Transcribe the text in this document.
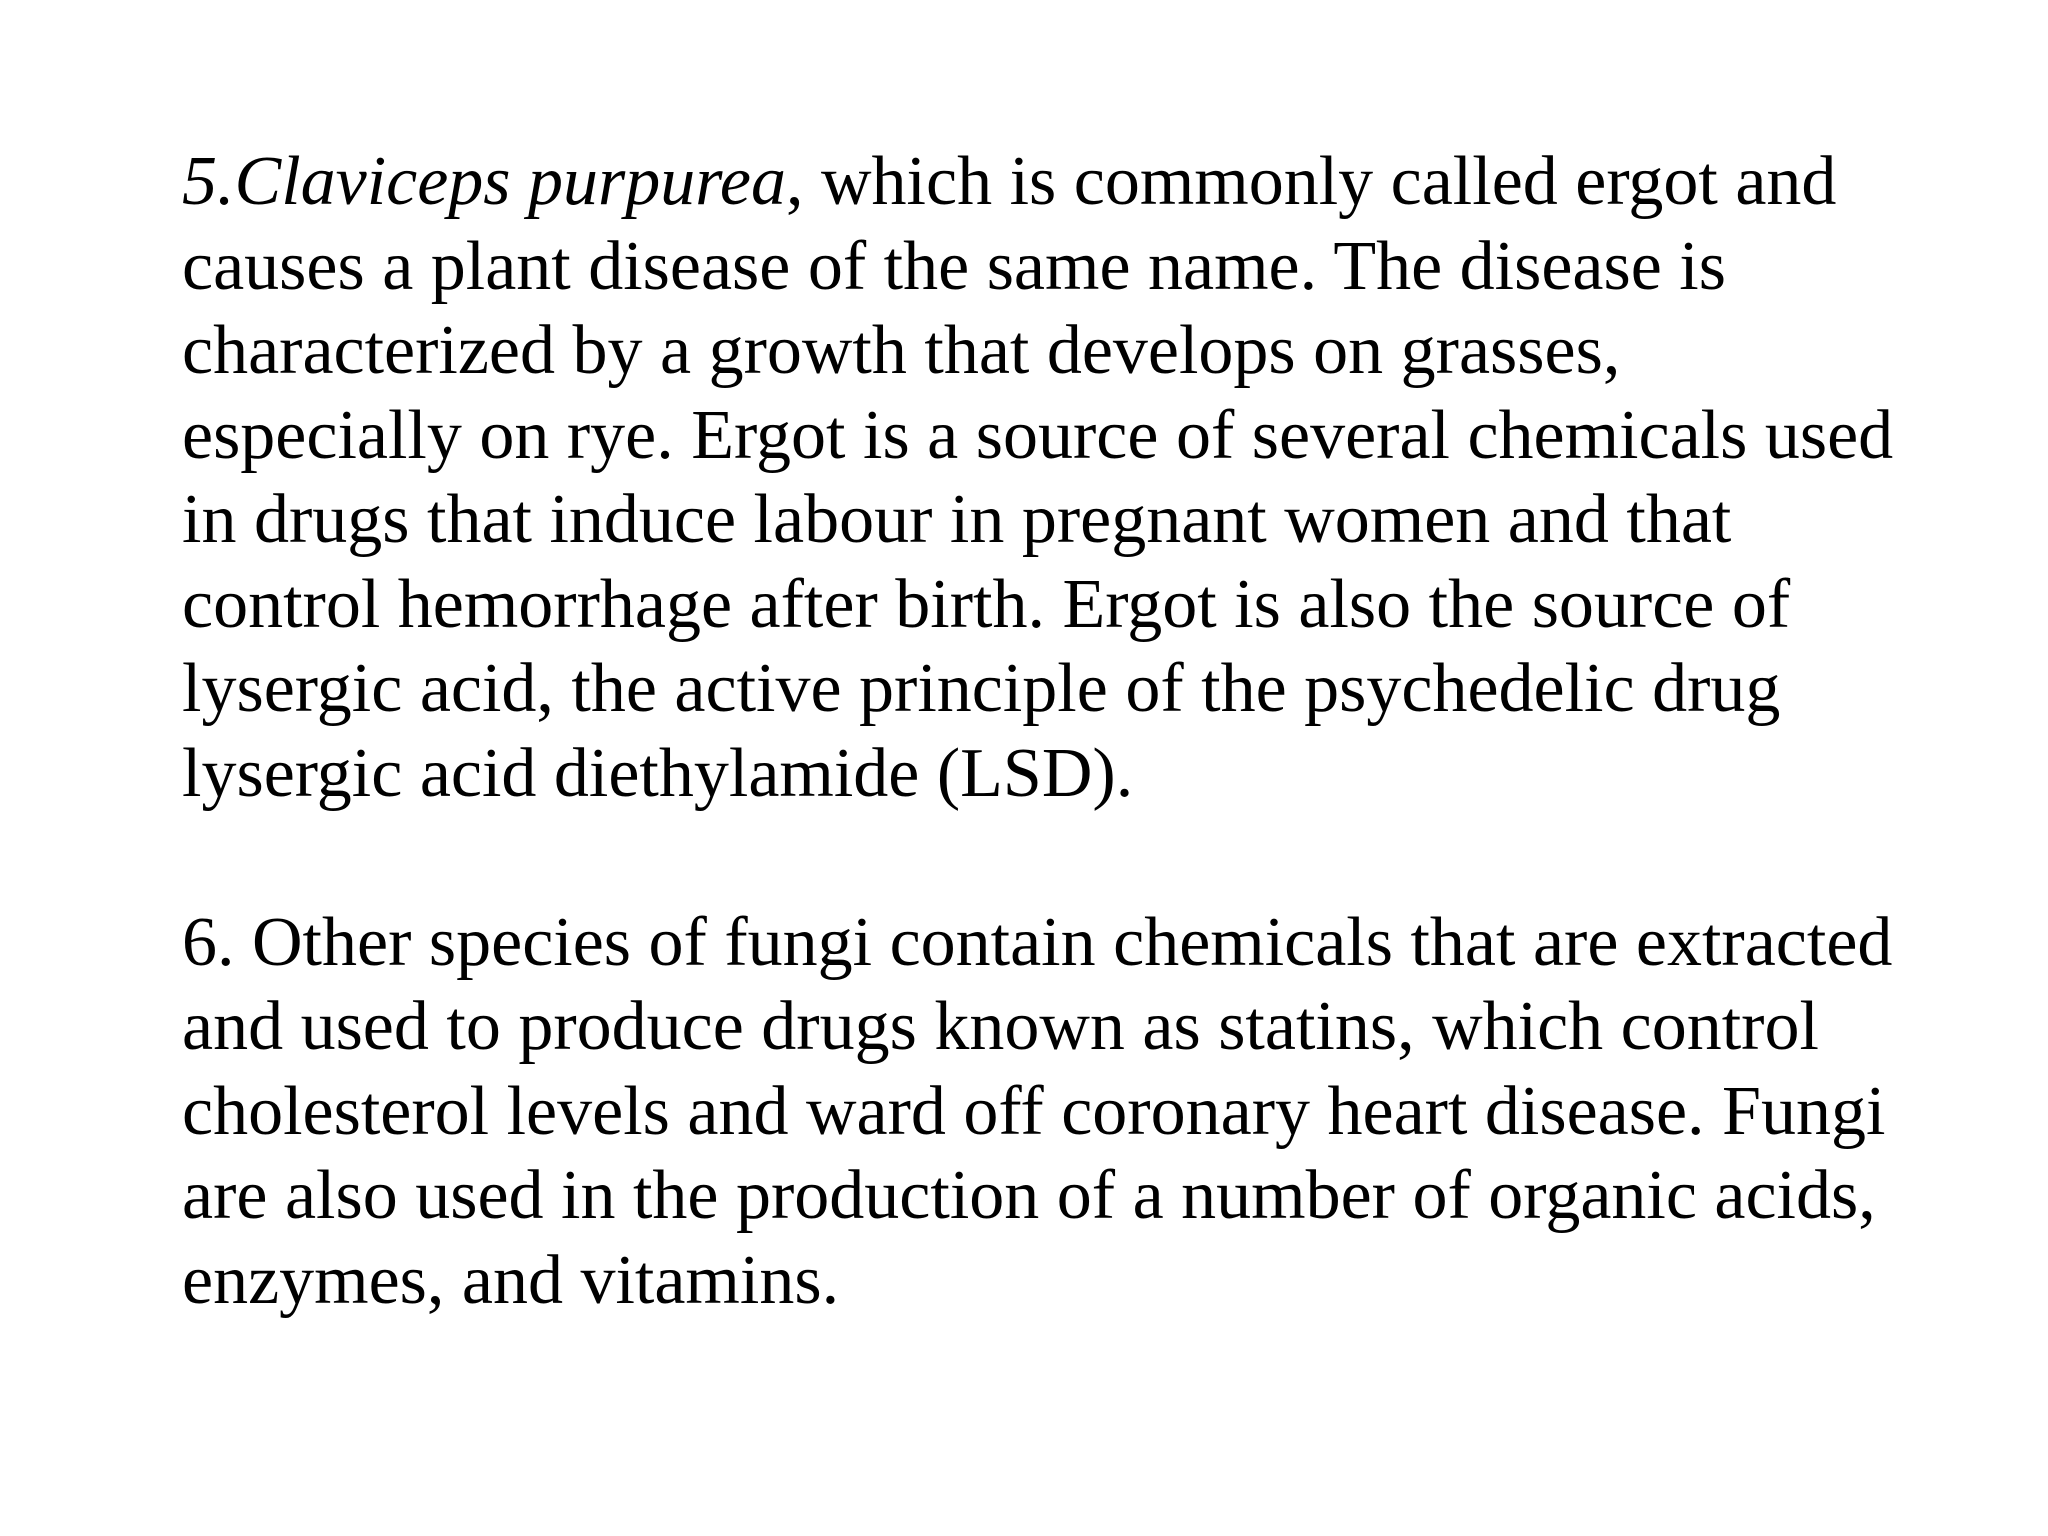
5.Claviceps purpurea, which is commonly called ergot and
causes a plant disease of the same name. The disease is
characterized by a growth that develops on grasses,
especially on rye. Ergot is a source of several chemicals used
in drugs that induce labour in pregnant women and that
control hemorrhage after birth. Ergot is also the source of
lysergic acid, the active principle of the psychedelic drug
lysergic acid diethylamide (LSD).
6. Other species of fungi contain chemicals that are extracted
and used to produce drugs known as statins, which control
cholesterol levels and ward off coronary heart disease. Fungi
are also used in the production of a number of organic acids,
enzymes, and vitamins.
